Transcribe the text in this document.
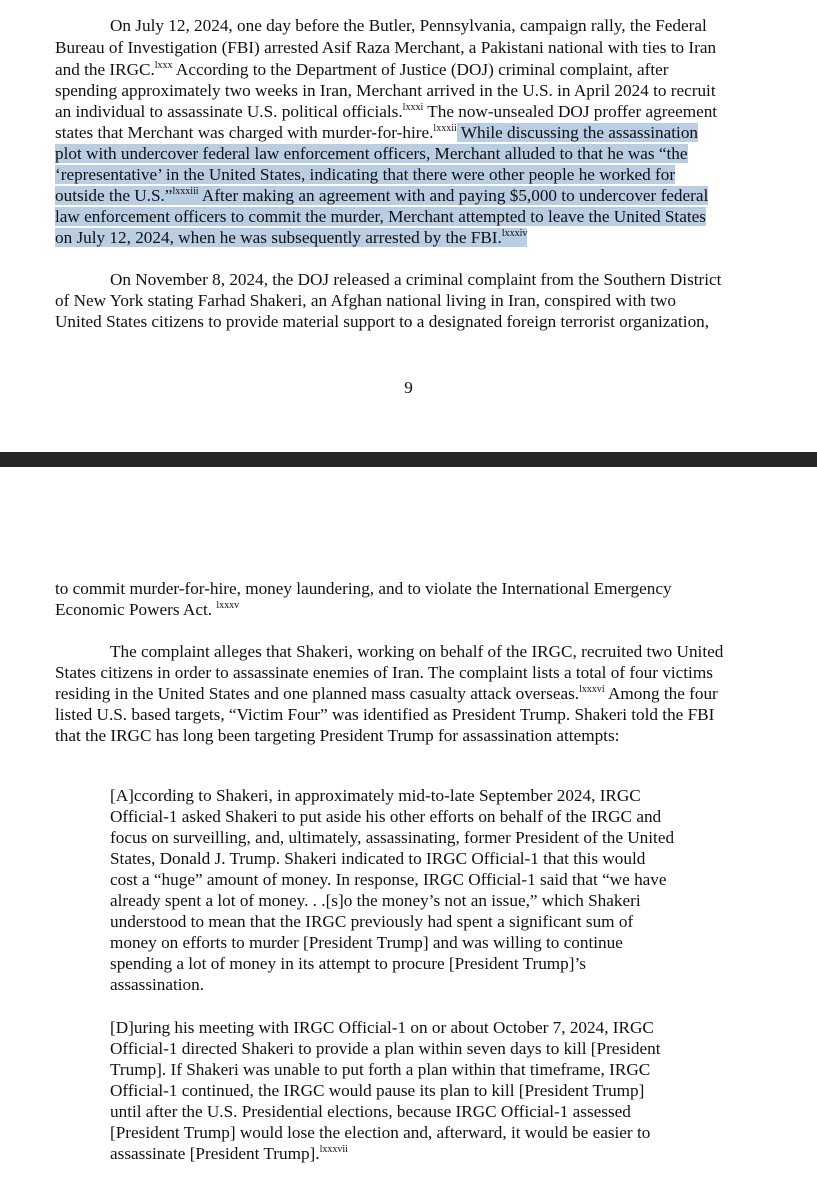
On July 12, 2024, one day before the Butler, Pennsylvania, campaign rally, the Federal
Bureau of Investigation (FBI) arrested Asif Raza Merchant, a Pakistani national with ties to Iran
and the IRGC.$^{lxxx}$ According to the Department of Justice (DOJ) criminal complaint, after
spending approximately two weeks in Iran, Merchant arrived in the U.S. in April 2024 to recruit
an individual to assassinate U.S. political officials.$^{lxxxi}$ The now-unsealed DOJ proffer agreement
states that Merchant was charged with murder-for-hire.$^{lxxxii}$ While discussing the assassination
plot with undercover federal law enforcement officers, Merchant alluded to that he was “the
‘representative’ in the United States, indicating that there were other people he worked for
outside the U.S.”$^{lxxxiii}$ After making an agreement with and paying $5,000 to undercover federal
law enforcement officers to commit the murder, Merchant attempted to leave the United States
on July 12, 2024, when he was subsequently arrested by the FBI.$^{lxxxiv}$
On November 8, 2024, the DOJ released a criminal complaint from the Southern District
of New York stating Farhad Shakeri, an Afghan national living in Iran, conspired with two
United States citizens to provide material support to a designated foreign terrorist organization,
9
to commit murder-for-hire, money laundering, and to violate the International Emergency
Economic Powers Act. $^{lxxxv}$
The complaint alleges that Shakeri, working on behalf of the IRGC, recruited two United
States citizens in order to assassinate enemies of Iran. The complaint lists a total of four victims
residing in the United States and one planned mass casualty attack overseas.$^{lxxxvi}$ Among the four
listed U.S. based targets, “Victim Four” was identified as President Trump. Shakeri told the FBI
that the IRGC has long been targeting President Trump for assassination attempts:
[A]ccording to Shakeri, in approximately mid-to-late September 2024, IRGC
Official-1 asked Shakeri to put aside his other efforts on behalf of the IRGC and
focus on surveilling, and, ultimately, assassinating, former President of the United
States, Donald J. Trump. Shakeri indicated to IRGC Official-1 that this would
cost a “huge” amount of money. In response, IRGC Official-1 said that “we have
already spent a lot of money. . .[s]o the money’s not an issue,” which Shakeri
understood to mean that the IRGC previously had spent a significant sum of
money on efforts to murder [President Trump] and was willing to continue
spending a lot of money in its attempt to procure [President Trump]’s
assassination.
[D]uring his meeting with IRGC Official-1 on or about October 7, 2024, IRGC
Official-1 directed Shakeri to provide a plan within seven days to kill [President
Trump]. If Shakeri was unable to put forth a plan within that timeframe, IRGC
Official-1 continued, the IRGC would pause its plan to kill [President Trump]
until after the U.S. Presidential elections, because IRGC Official-1 assessed
[President Trump] would lose the election and, afterward, it would be easier to
assassinate [President Trump].$^{lxxxvii}$
